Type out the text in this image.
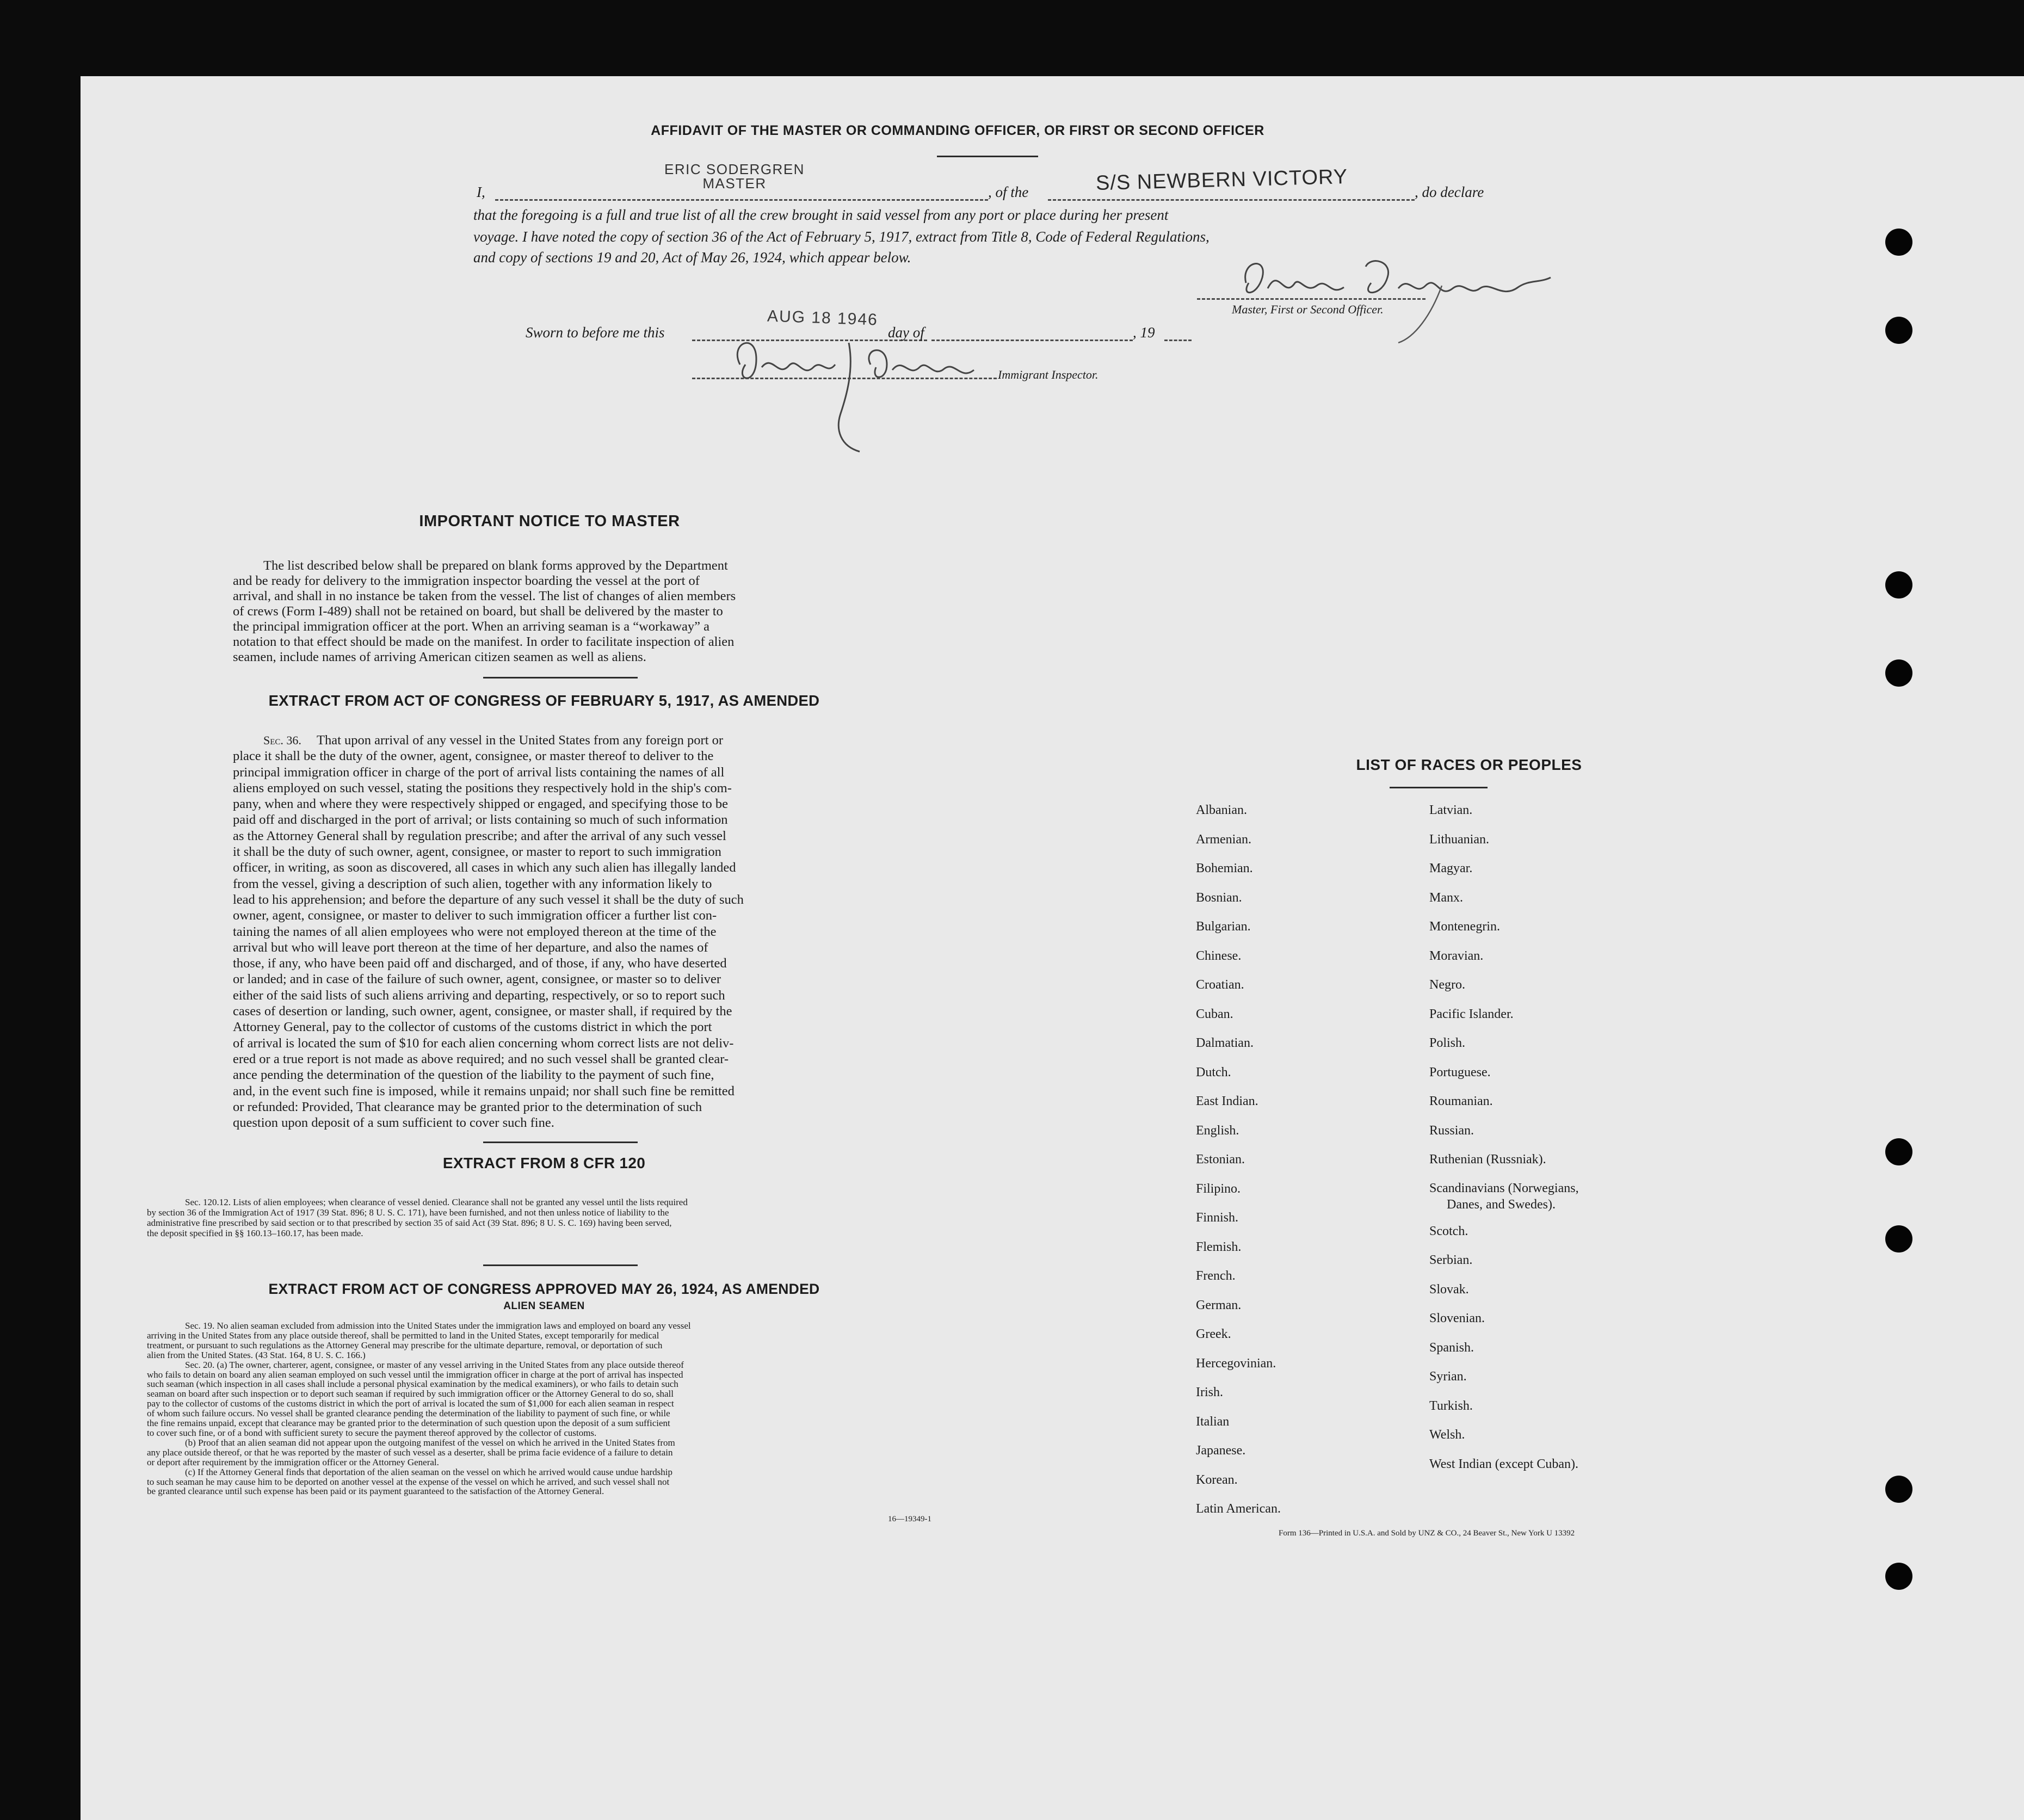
AFFIDAVIT OF THE MASTER OR COMMANDING OFFICER, OR FIRST OR SECOND OFFICER
ERIC SODERGREN
MASTER
I,	, of the	S/S NEWBERN VICTORY	, do declare
that the foregoing is a full and true list of all the crew brought in said vessel from any port or place during her present
voyage. I have noted the copy of section 36 of the Act of February 5, 1917, extract from Title 8, Code of Federal Regulations,
and copy of sections 19 and 20, Act of May 26, 1924, which appear below.
Master, First or Second Officer.
Sworn to before me this
AUG 18 1946
day of	, 19
Immigrant Inspector.
IMPORTANT NOTICE TO MASTER
The list described below shall be prepared on blank forms approved by the Department
and be ready for delivery to the immigration inspector boarding the vessel at the port of
arrival, and shall in no instance be taken from the vessel. The list of changes of alien members
of crews (Form I-489) shall not be retained on board, but shall be delivered by the master to
the principal immigration officer at the port. When an arriving seaman is a “workaway” a
notation to that effect should be made on the manifest. In order to facilitate inspection of alien
seamen, include names of arriving American citizen seamen as well as aliens.
EXTRACT FROM ACT OF CONGRESS OF FEBRUARY 5, 1917, AS AMENDED
Sec. 36.	That upon arrival of any vessel in the United States from any foreign port or
place it shall be the duty of the owner, agent, consignee, or master thereof to deliver to the
principal immigration officer in charge of the port of arrival lists containing the names of all
aliens employed on such vessel, stating the positions they respectively hold in the ship's com-
pany, when and where they were respectively shipped or engaged, and specifying those to be
paid off and discharged in the port of arrival; or lists containing so much of such information
as the Attorney General shall by regulation prescribe; and after the arrival of any such vessel
it shall be the duty of such owner, agent, consignee, or master to report to such immigration
officer, in writing, as soon as discovered, all cases in which any such alien has illegally landed
from the vessel, giving a description of such alien, together with any information likely to
lead to his apprehension; and before the departure of any such vessel it shall be the duty of such
owner, agent, consignee, or master to deliver to such immigration officer a further list con-
taining the names of all alien employees who were not employed thereon at the time of the
arrival but who will leave port thereon at the time of her departure, and also the names of
those, if any, who have been paid off and discharged, and of those, if any, who have deserted
or landed; and in case of the failure of such owner, agent, consignee, or master so to deliver
either of the said lists of such aliens arriving and departing, respectively, or so to report such
cases of desertion or landing, such owner, agent, consignee, or master shall, if required by the
Attorney General, pay to the collector of customs of the customs district in which the port
of arrival is located the sum of $10 for each alien concerning whom correct lists are not deliv-
ered or a true report is not made as above required; and no such vessel shall be granted clear-
ance pending the determination of the question of the liability to the payment of such fine,
and, in the event such fine is imposed, while it remains unpaid; nor shall such fine be remitted
or refunded: Provided, That clearance may be granted prior to the determination of such
question upon deposit of a sum sufficient to cover such fine.
EXTRACT FROM 8 CFR 120
Sec. 120.12. Lists of alien employees; when clearance of vessel denied. Clearance shall not be granted any vessel until the lists required
by section 36 of the Immigration Act of 1917 (39 Stat. 896; 8 U. S. C. 171), have been furnished, and not then unless notice of liability to the
administrative fine prescribed by said section or to that prescribed by section 35 of said Act (39 Stat. 896; 8 U. S. C. 169) having been served,
the deposit specified in §§ 160.13–160.17, has been made.
EXTRACT FROM ACT OF CONGRESS APPROVED MAY 26, 1924, AS AMENDED
ALIEN SEAMEN
Sec. 19. No alien seaman excluded from admission into the United States under the immigration laws and employed on board any vessel
arriving in the United States from any place outside thereof, shall be permitted to land in the United States, except temporarily for medical
treatment, or pursuant to such regulations as the Attorney General may prescribe for the ultimate departure, removal, or deportation of such
alien from the United States. (43 Stat. 164, 8 U. S. C. 166.)
Sec. 20. (a) The owner, charterer, agent, consignee, or master of any vessel arriving in the United States from any place outside thereof
who fails to detain on board any alien seaman employed on such vessel until the immigration officer in charge at the port of arrival has inspected
such seaman (which inspection in all cases shall include a personal physical examination by the medical examiners), or who fails to detain such
seaman on board after such inspection or to deport such seaman if required by such immigration officer or the Attorney General to do so, shall
pay to the collector of customs of the customs district in which the port of arrival is located the sum of $1,000 for each alien seaman in respect
of whom such failure occurs. No vessel shall be granted clearance pending the determination of the liability to payment of such fine, or while
the fine remains unpaid, except that clearance may be granted prior to the determination of such question upon the deposit of a sum sufficient
to cover such fine, or of a bond with sufficient surety to secure the payment thereof approved by the collector of customs.
(b) Proof that an alien seaman did not appear upon the outgoing manifest of the vessel on which he arrived in the United States from
any place outside thereof, or that he was reported by the master of such vessel as a deserter, shall be prima facie evidence of a failure to detain
or deport after requirement by the immigration officer or the Attorney General.
(c) If the Attorney General finds that deportation of the alien seaman on the vessel on which he arrived would cause undue hardship
to such seaman he may cause him to be deported on another vessel at the expense of the vessel on which he arrived, and such vessel shall not
be granted clearance until such expense has been paid or its payment guaranteed to the satisfaction of the Attorney General.
16—19349-1
LIST OF RACES OR PEOPLES
Albanian.
Armenian.
Bohemian.
Bosnian.
Bulgarian.
Chinese.
Croatian.
Cuban.
Dalmatian.
Dutch.
East Indian.
English.
Estonian.
Filipino.
Finnish.
Flemish.
French.
German.
Greek.
Hercegovinian.
Irish.
Italian
Japanese.
Korean.
Latin American.
Latvian.
Lithuanian.
Magyar.
Manx.
Montenegrin.
Moravian.
Negro.
Pacific Islander.
Polish.
Portuguese.
Roumanian.
Russian.
Ruthenian (Russniak).
Scandinavians (Norwegians,
Danes, and Swedes).
Scotch.
Serbian.
Slovak.
Slovenian.
Spanish.
Syrian.
Turkish.
Welsh.
West Indian (except Cuban).
Form 136—Printed in U.S.A. and Sold by UNZ & CO., 24 Beaver St., New York U 13392
